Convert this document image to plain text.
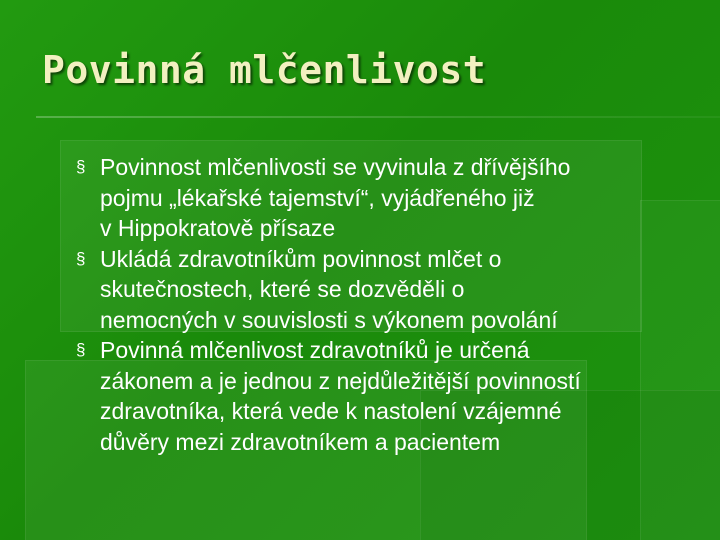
Povinná mlčenlivost
§ Povinnost mlčenlivosti se vyvinula z dřívějšího
pojmu „lékařské tajemství“, vyjádřeného již
v Hippokratově přísaze
§ Ukládá zdravotníkům povinnost mlčet o
skutečnostech, které se dozvěděli o
nemocných v souvislosti s výkonem povolání
§ Povinná mlčenlivost zdravotníků je určená
zákonem a je jednou z nejdůležitější povinností
zdravotníka, která vede k nastolení vzájemné
důvěry mezi zdravotníkem a pacientem
